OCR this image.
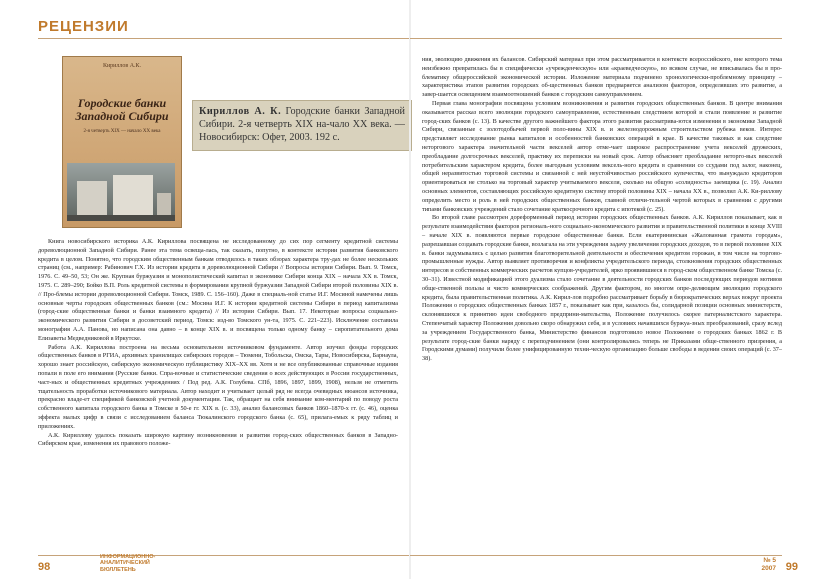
РЕЦЕНЗИИ
Кириллов А.К.
Городские банки Западной Сибири
2-я четверть XIX — начало XX века
Кириллов А. К. Городские банки Западной Сибири. 2-я четверть XIX на-чало XX века. — Новосибирск: Офет, 2003. 192 с.

Книга новосибирского историка А.К. Кириллова посвящена не исследованному до сих пор сегменту кредитной системы дореволюционной Западной Сибири. Ранее эта тема освеща-лась, так сказать, попутно, в контексте истории развития банковского кредита в целом. Понятно, что городским общественным банкам отводилось в таких обзорах характера тру-дах не более нескольких страниц (см., например: Рабинович Г.Х. Из истории кредита в дореволюционной Сибири // Вопросы истории Сибири. Вып. 9. Томск, 1976. С. 49–50, 53; Он же. Крупная буржуазия и монополистический капитал в экономике Сибири конца XIX – начала XX в. Томск, 1975. С. 289–290; Бойко В.П. Роль кредитной системы в формировании крупной буржуазии Западной Сибири второй половины XIX в. // Про-блемы истории дореволюционной Сибири. Томск, 1989. С. 156–160). Даже в специаль-ной статье И.Г. Мосиной намечены лишь основные черты городских общественных банков (см.: Мосина И.Г. К истории кредитной системы Сибири в период капитализма (город-ские общественные банки и банки взаимного кредита) // Из истории Сибири. Вып. 17. Некоторые вопросы социально-экономического развития Сибири в досоветский период. Томск: изд-во Томского ун-та, 1975. С. 221–223). Исключение составила монография А.А. Панова, но написана она давно – в конце XIX в. и посвящена только одному банку – сиропитательного дома Елизаветы Медведниковой в Иркутске.

Работа А.К. Кириллова построена на весьма основательном источниковом фундаменте. Автор изучил фонды городских общественных банков в РГИА, архивных хранилищах сибирских городов – Тюмени, Тобольска, Омска, Тары, Новосибирска, Барнаула, хорошо знает российскую, сибирскую экономическую публицистику XIX–XX вв. Хотя и не все опубликованные справочные издания попали в поле его внимания (Русские банки. Спра-вочные и статистические сведения о всех действующих в России государственных, част-ных и общественных кредитных учреждениях / Под ред. А.К. Голубева. СПб, 1896, 1897, 1899, 1908), нельзя не отметить тщательность проработки источникового материала. Автор находит и учитывает целый ряд не всегда очевидных нюансов источника, прекрасно владе-ет спецификой банковской учетной документации. Так, обращает на себя внимание ком-ментарий по поводу роста собственного капитала городского банка в Томске в 50-е гг. XIX в. (с. 33), анализ балансовых банков 1860–1870-х гг. (с. 46), оценка эффекта малых цифр в связи с исследованием баланса Тюкалинского городского банка (с. 65), прилага-емых к ряду таблиц и приложениях.

А.К. Кириллову удалось показать широкую картину возникновения и развития город-ских общественных банков в Западно-Сибирском крае, изменения их правового положе-

98
ИНФОРМАЦИОННО-
АНАЛИТИЧЕСКИЙ
БЮЛЛЕТЕНЬ

ния, эволюцию движения их балансов. Сибирский материал при этом рассматривается в контексте всероссийского, вне которого тема неизбежно превратилась бы в специфически «учрежденческую» или «краеведческую», во всяком случае, не вписывалась бы в про-блематику общероссийской экономической истории. Изложение материала подчинено хронологически-проблемному принципу – характеристика этапов развития городских об-щественных банков предваряется анализом факторов, определявших это развитие, а завер-шается освещением взаимоотношений банков с городским самоуправлением.

Первая глава монографии посвящена условиям возникновения и развития городских общественных банков. В центре внимания оказывается рассказ всего эволюции городского самоуправления, естественным следствием которой и стали появление и развитие город-ских банков (с. 13). В качестве другого важнейшего фактора этого развития рассматрива-ются изменения в экономике Западной Сибири, связанные с золотодобычей первой поло-вины XIX в. и железнодорожным строительством рубежа веков. Интерес представляет исследование рынка капиталов и особенностей банковских операций в крае. В качестве таковых и как следствие неторгового характера значительной части векселей автор отме-чает широкое распространение учета векселей дружеских, преобладание долгосрочных векселей, практику их переписки на новый срок. Автор объясняет преобладание неторго-вых векселей потребительским характером кредита, более выгодным условиям вексель-ного кредита в сравнении со ссудами под залог, наконец, общей неразвитостью торговой системы и связанной с ней неустойчивостью российского купечества, что вынуждало кредиторов ориентироваться не столько на торговый характер учитываемого векселя, сколько на общую «солидность» заемщика (с. 19). Анализ основных элементов, составляющих российскую кредитную систему второй половины XIX – начала XX в., позволил А.К. Ки-риллову определить место и роль в ней городских общественных банков, главной отличи-тельной чертой которых в сравнении с другими типами банковских учреждений стало сочетание краткосрочного кредита с ипотекой (с. 25).

Во второй главе рассмотрен дореформенный период истории городских общественных банков. А.К. Кириллов показывает, как в результате взаимодействия факторов региональ-ного социально-экономического развития и правительственной политики в конце XVIII – начале XIX в. появляются первые городские общественные банки. Если екатерининская «Жалованная грамота городам», разрешавшая создавать городские банки, возлагала на эти учреждения задачу увеличения городских доходов, то в первой половине XIX в. банки задумывались с целью развития благотворительной деятельности и обеспечения кредитом горожан, в том числе на торгово-промышленные нужды. Автор выявляет противоречия и конфликты учредительского периода, столкновения городских общественных интересов и собственных коммерческих расчетов купцов-учредителей, ярко проявившиеся в город-ском общественном банке Томска (с. 30–31). Известной модификацией этого дуализма стало сочетание в деятельности городских банков последующих периодов мотивов обще-ственной пользы и чисто коммерческих соображений. Другим фактором, во многом опре-деляющим эволюцию городского кредита, была правительственная политика. А.К. Кирил-лов подробно рассматривает борьбу в бюрократических верхах вокруг проекта Положения о городских общественных банках 1857 г., показывает как при, казалось бы, солидарной позиции основных министерств, склонявшихся к принятию идеи свободного предприни-мательства, Положение получилось скорее патерналистского характера. Степенчатый характер Положения довольно скоро обнаружил себя, и в условиях начавшихся буржуа-зных преобразований, сразу вслед за учреждением Государственного банка, Министерство финансов подготовило новое Положение о городских банках 1862 г. В результате город-ские банки наряду с переподчинением (они контролировались теперь не Приказами обще-ственного призрения, а Городскими думами) получили более унифицированную техни-ческую организацию больше свободы в ведении своих операций (с. 37–38).

№ 5
2007 99
